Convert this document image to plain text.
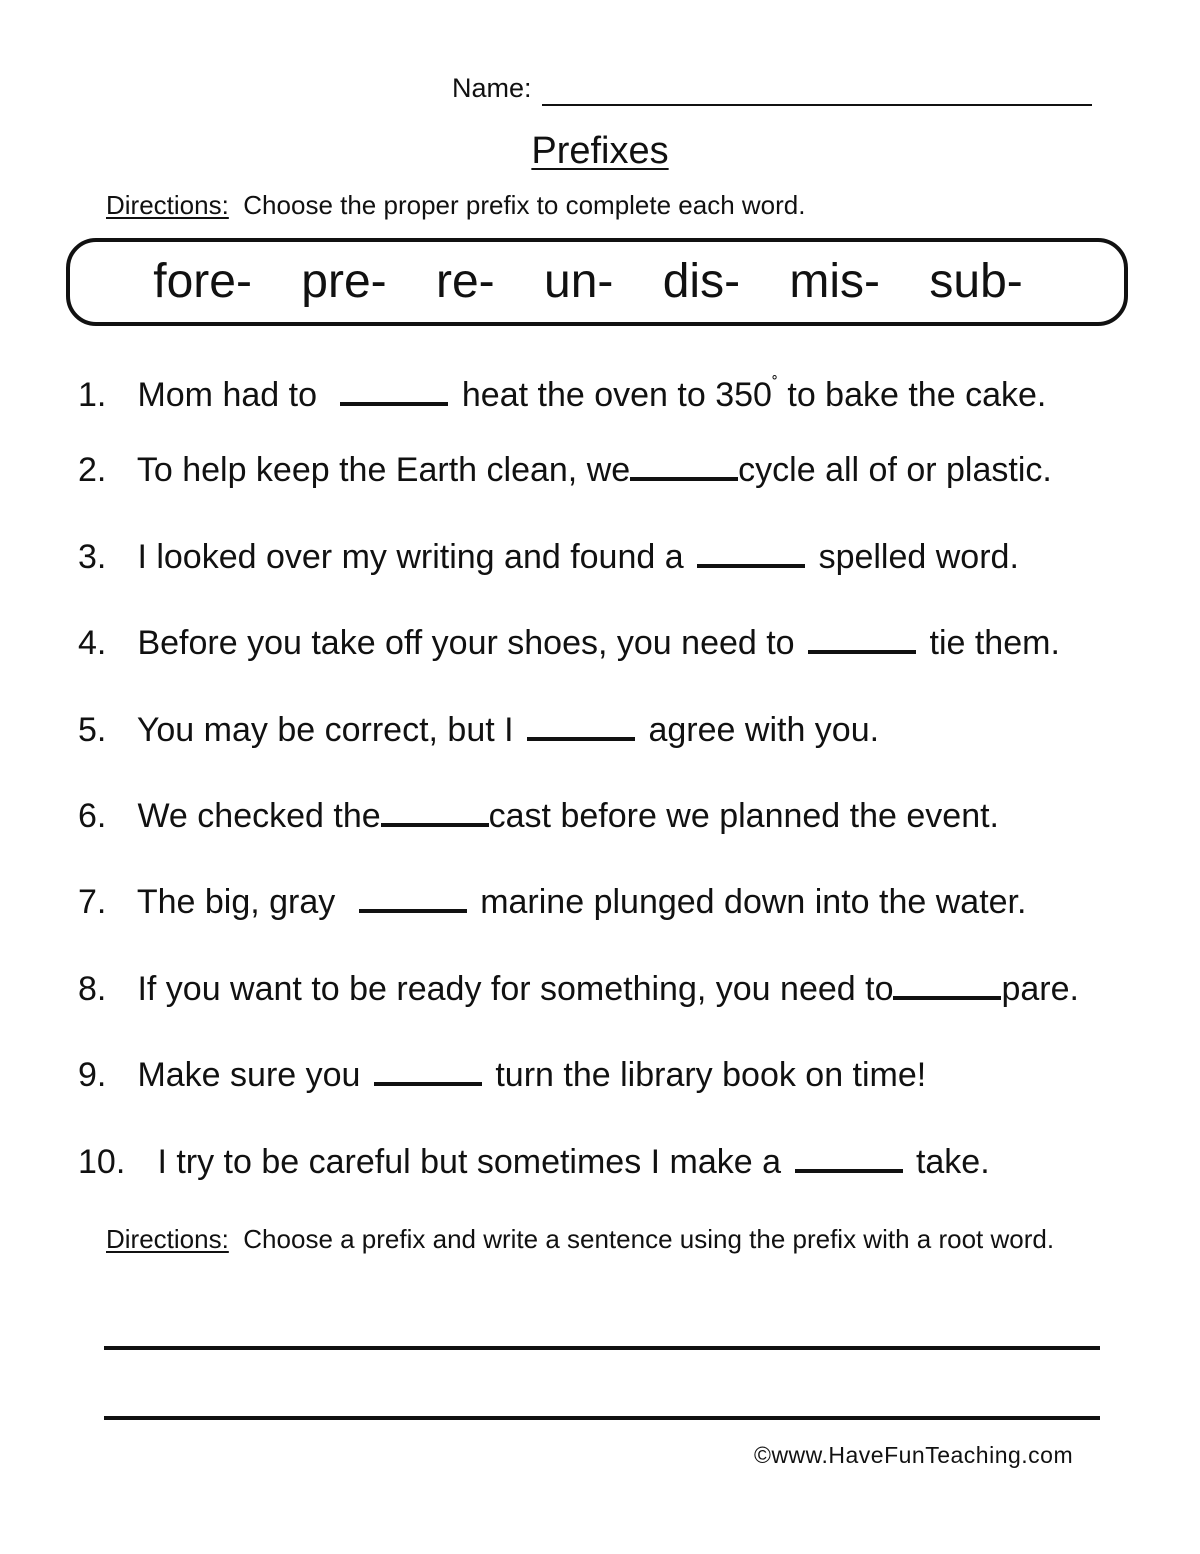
Name:
Prefixes
Directions: Choose the proper prefix to complete each word.
fore- pre- re- un- dis- mis- sub-
1. Mom had to	heat the oven to 350˚ to bake the cake.
2. To help keep the Earth clean, we	cycle all of or plastic.
3. I looked over my writing and found a	spelled word.
4. Before you take off your shoes, you need to	tie them.
5. You may be correct, but I	agree with you.
6. We checked the	cast before we planned the event.
7. The big, gray	marine plunged down into the water.
8. If you want to be ready for something, you need to	pare.
9. Make sure you	turn the library book on time!
10. I try to be careful but sometimes I make a	take.
Directions: Choose a prefix and write a sentence using the prefix with a root word.
©www.HaveFunTeaching.com
